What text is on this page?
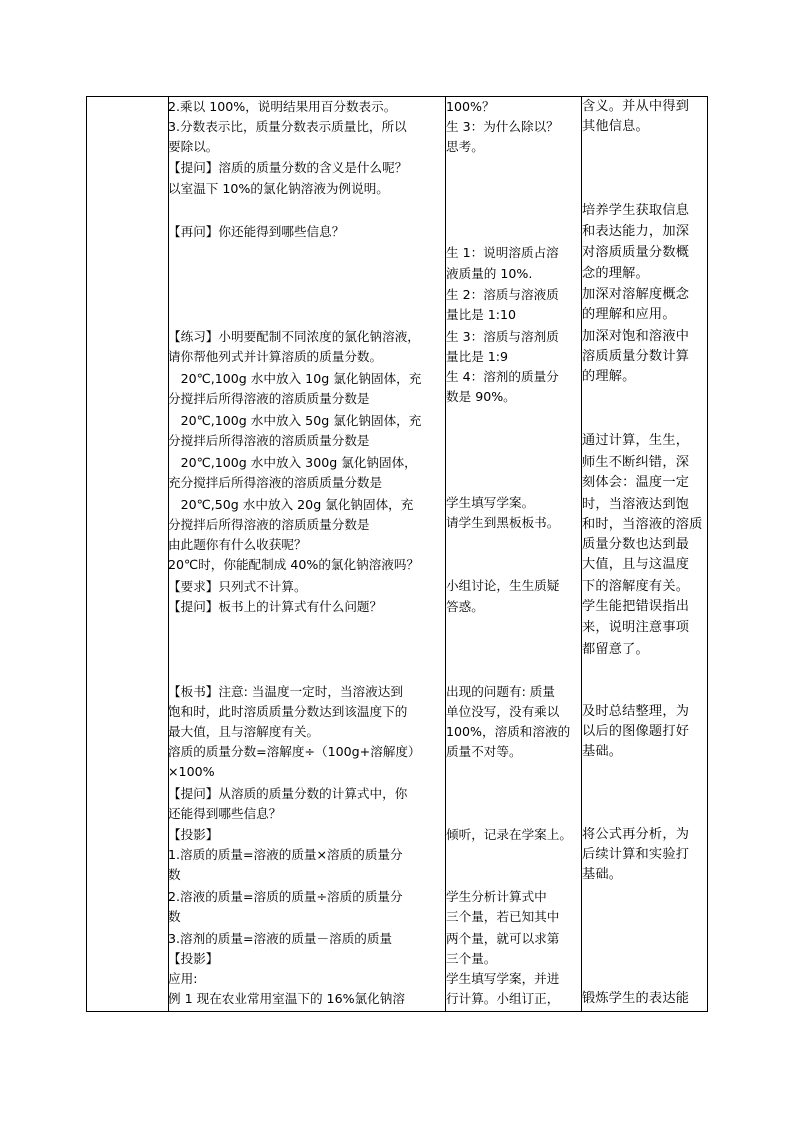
2.乘以 100%，说明结果用百分数表示。
3.分数表示比，质量分数表示质量比，所以
要除以。
【提问】溶质的质量分数的含义是什么呢？
以室温下 10%的氯化钠溶液为例说明。
【再问】你还能得到哪些信息？
【练习】小明要配制不同浓度的氯化钠溶液，
请你帮他列式并计算溶质的质量分数。
　20℃,100g 水中放入 10g 氯化钠固体，充
分搅拌后所得溶液的溶质质量分数是
　20℃,100g 水中放入 50g 氯化钠固体，充
分搅拌后所得溶液的溶质质量分数是
　20℃,100g 水中放入 300g 氯化钠固体，
充分搅拌后所得溶液的溶质质量分数是
　20℃,50g 水中放入 20g 氯化钠固体，充
分搅拌后所得溶液的溶质质量分数是
由此题你有什么收获呢？
20℃时，你能配制成 40%的氯化钠溶液吗？
【要求】只列式不计算。
【提问】板书上的计算式有什么问题？
【板书】注意: 当温度一定时，当溶液达到
饱和时，此时溶质质量分数达到该温度下的
最大值，且与溶解度有关。
溶质的质量分数=溶解度÷（100g+溶解度）
×100%
【提问】从溶质的质量分数的计算式中，你
还能得到哪些信息？
【投影】
1.溶质的质量=溶液的质量×溶质的质量分
数
2.溶液的质量=溶质的质量÷溶质的质量分
数
3.溶剂的质量=溶液的质量－溶质的质量
【投影】
应用:
例 1 现在农业常用室温下的 16%氯化钠溶
100%？
生 3：为什么除以？
思考。
生 1：说明溶质占溶
液质量的 10%.
生 2：溶质与溶液质
量比是 1:10
生 3：溶质与溶剂质
量比是 1:9
生 4：溶剂的质量分
数是 90%。
学生填写学案。
请学生到黑板板书。
小组讨论，生生质疑
答惑。
出现的问题有: 质量
单位没写，没有乘以
100%，溶质和溶液的
质量不对等。
倾听，记录在学案上。
学生分析计算式中
三个量，若已知其中
两个量，就可以求第
三个量。
学生填写学案，并进
行计算。小组订正，
含义。并从中得到
其他信息。
培养学生获取信息
和表达能力，加深
对溶质质量分数概
念的理解。
加深对溶解度概念
的理解和应用。
加深对饱和溶液中
溶质质量分数计算
的理解。
通过计算，生生，
师生不断纠错，深
刻体会：温度一定
时，当溶液达到饱
和时，当溶液的溶质
质量分数也达到最
大值，且与这温度
下的溶解度有关。
学生能把错误指出
来，说明注意事项
都留意了。
及时总结整理，为
以后的图像题打好
基础。
将公式再分析，为
后续计算和实验打
基础。
锻炼学生的表达能
